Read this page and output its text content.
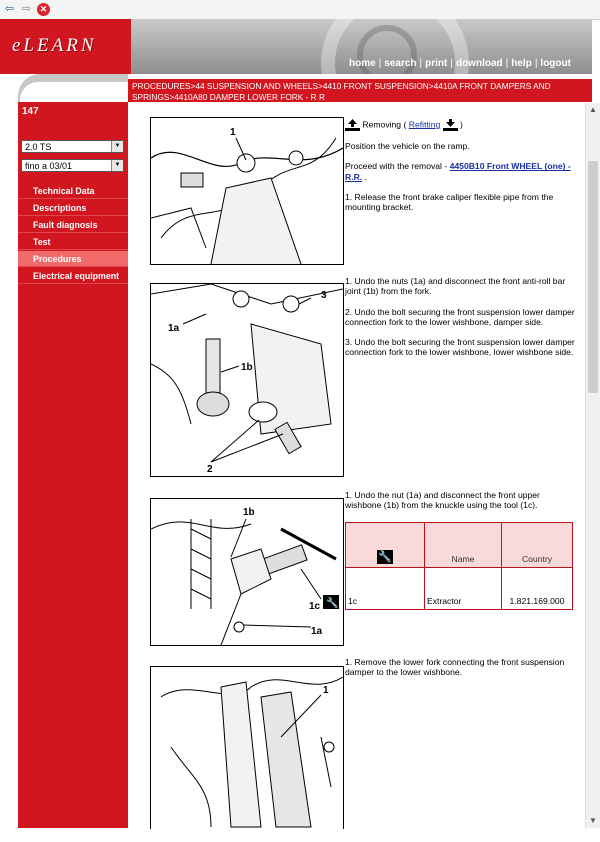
⇦ ⇨ ✕
eLEARN
home | search | print | download | help | logout
PROCEDURES>44 SUSPENSION AND WHEELS>4410 FRONT SUSPENSION>4410A FRONT DAMPERS AND SPRINGS>4410A80 DAMPER LOWER FORK - R R
147
2.0 TS	▼
fino a 03/01	▼
Technical Data
Descriptions
Fault diagnosis
Test
Procedures
Electrical equipment
▲
▼
1
1a
1b
2
3
🔧
1b
1c
1a
1

Removing ( Refitting )

Position the vehicle on the ramp.

Proceed with the removal - 4450B10 Front WHEEL (one) - R.R. .

1. Release the front brake caliper flexible pipe from the mounting bracket.

1. Undo the nuts (1a) and disconnect the front anti-roll bar joint (1b) from the fork.

2. Undo the bolt securing the front suspension lower damper connection fork to the lower wishbone, damper side.

3. Undo the bolt securing the front suspension lower damper connection fork to the lower wishbone, lower wishbone side.

1. Undo the nut (1a) and disconnect the front upper wishbone (1b) from the knuckle using the tool (1c).

🔧	Name	Country
1c	Extractor	1.821.169.000

1. Remove the lower fork connecting the front suspension damper to the lower wishbone.
